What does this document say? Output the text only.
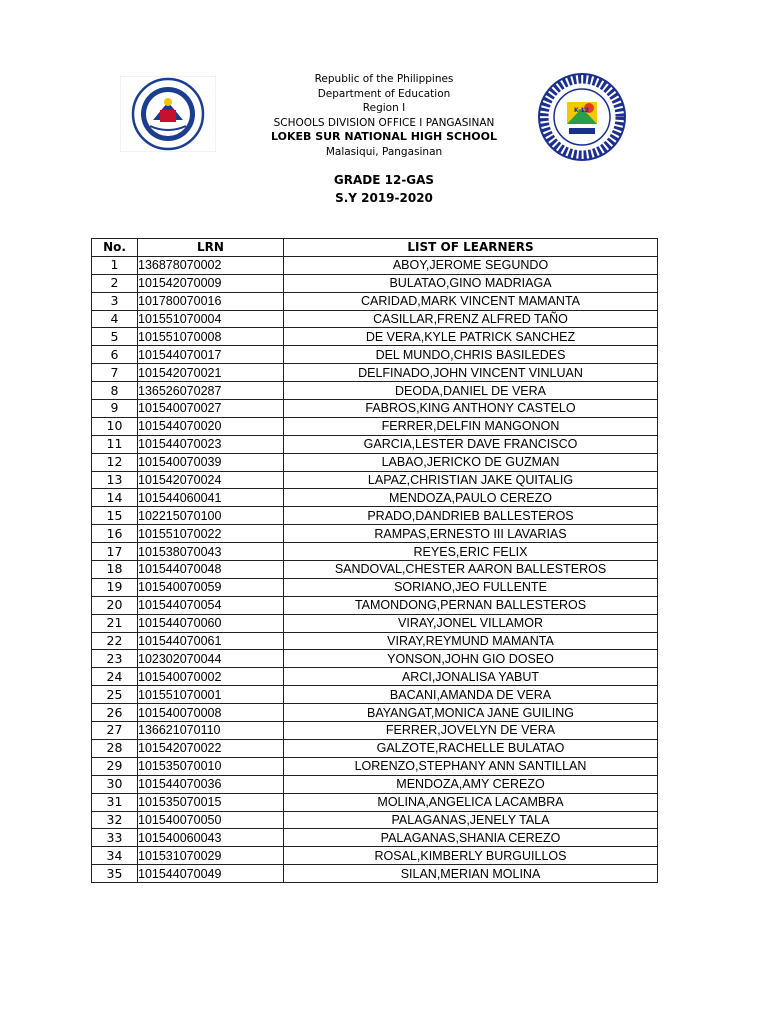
K-12
Republic of the Philippines
Department of Education
Region I
SCHOOLS DIVISION OFFICE I PANGASINAN
LOKEB SUR NATIONAL HIGH SCHOOL
Malasiqui, Pangasinan
GRADE 12-GAS
S.Y 2019-2020
No.	LRN	LIST OF LEARNERS
1	136878070002	ABOY,JEROME SEGUNDO
2	101542070009	BULATAO,GINO MADRIAGA
3	101780070016	CARIDAD,MARK VINCENT MAMANTA
4	101551070004	CASILLAR,FRENZ ALFRED TAÑO
5	101551070008	DE VERA,KYLE PATRICK SANCHEZ
6	101544070017	DEL MUNDO,CHRIS BASILEDES
7	101542070021	DELFINADO,JOHN VINCENT VINLUAN
8	136526070287	DEODA,DANIEL DE VERA
9	101540070027	FABROS,KING ANTHONY CASTELO
10	101544070020	FERRER,DELFIN MANGONON
11	101544070023	GARCIA,LESTER DAVE FRANCISCO
12	101540070039	LABAO,JERICKO DE GUZMAN
13	101542070024	LAPAZ,CHRISTIAN JAKE QUITALIG
14	101544060041	MENDOZA,PAULO CEREZO
15	102215070100	PRADO,DANDRIEB BALLESTEROS
16	101551070022	RAMPAS,ERNESTO III LAVARIAS
17	101538070043	REYES,ERIC FELIX
18	101544070048	SANDOVAL,CHESTER AARON BALLESTEROS
19	101540070059	SORIANO,JEO FULLENTE
20	101544070054	TAMONDONG,PERNAN BALLESTEROS
21	101544070060	VIRAY,JONEL VILLAMOR
22	101544070061	VIRAY,REYMUND MAMANTA
23	102302070044	YONSON,JOHN GIO DOSEO
24	101540070002	ARCI,JONALISA YABUT
25	101551070001	BACANI,AMANDA DE VERA
26	101540070008	BAYANGAT,MONICA JANE GUILING
27	136621070110	FERRER,JOVELYN DE VERA
28	101542070022	GALZOTE,RACHELLE BULATAO
29	101535070010	LORENZO,STEPHANY ANN SANTILLAN
30	101544070036	MENDOZA,AMY CEREZO
31	101535070015	MOLINA,ANGELICA LACAMBRA
32	101540070050	PALAGANAS,JENELY TALA
33	101540060043	PALAGANAS,SHANIA CEREZO
34	101531070029	ROSAL,KIMBERLY BURGUILLOS
35	101544070049	SILAN,MERIAN MOLINA
